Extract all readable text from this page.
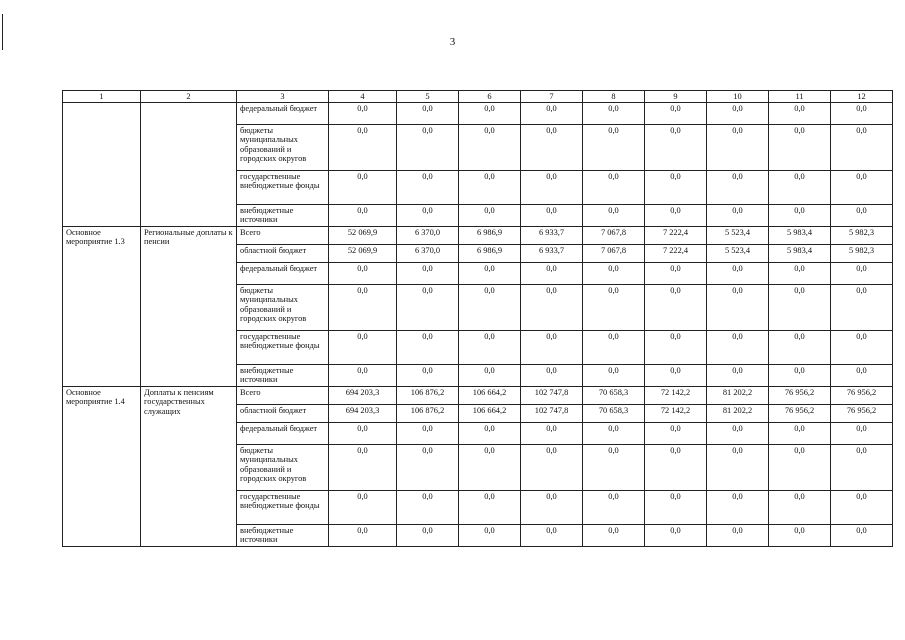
3
1	2	3	4	5	6	7	8	9	10	11	12
		федеральный бюджет	0,0	0,0	0,0	0,0	0,0	0,0	0,0	0,0	0,0
		бюджеты муниципальных образований и городских округов	0,0	0,0	0,0	0,0	0,0	0,0	0,0	0,0	0,0
		государственные внебюджетные фонды	0,0	0,0	0,0	0,0	0,0	0,0	0,0	0,0	0,0
		внебюджетные источники	0,0	0,0	0,0	0,0	0,0	0,0	0,0	0,0	0,0
Основное мероприятие 1.3	Региональные доплаты к пенсии	Всего	52 069,9	6 370,0	6 986,9	6 933,7	7 067,8	7 222,4	5 523,4	5 983,4	5 982,3
		областной бюджет	52 069,9	6 370,0	6 986,9	6 933,7	7 067,8	7 222,4	5 523,4	5 983,4	5 982,3
		федеральный бюджет	0,0	0,0	0,0	0,0	0,0	0,0	0,0	0,0	0,0
		бюджеты муниципальных образований и городских округов	0,0	0,0	0,0	0,0	0,0	0,0	0,0	0,0	0,0
		государственные внебюджетные фонды	0,0	0,0	0,0	0,0	0,0	0,0	0,0	0,0	0,0
		внебюджетные источники	0,0	0,0	0,0	0,0	0,0	0,0	0,0	0,0	0,0
Основное мероприятие 1.4	Доплаты к пенсиям государственных служащих	Всего	694 203,3	106 876,2	106 664,2	102 747,8	70 658,3	72 142,2	81 202,2	76 956,2	76 956,2
		областной бюджет	694 203,3	106 876,2	106 664,2	102 747,8	70 658,3	72 142,2	81 202,2	76 956,2	76 956,2
		федеральный бюджет	0,0	0,0	0,0	0,0	0,0	0,0	0,0	0,0	0,0
		бюджеты муниципальных образований и городских округов	0,0	0,0	0,0	0,0	0,0	0,0	0,0	0,0	0,0
		государственные внебюджетные фонды	0,0	0,0	0,0	0,0	0,0	0,0	0,0	0,0	0,0
		внебюджетные источники	0,0	0,0	0,0	0,0	0,0	0,0	0,0	0,0	0,0
